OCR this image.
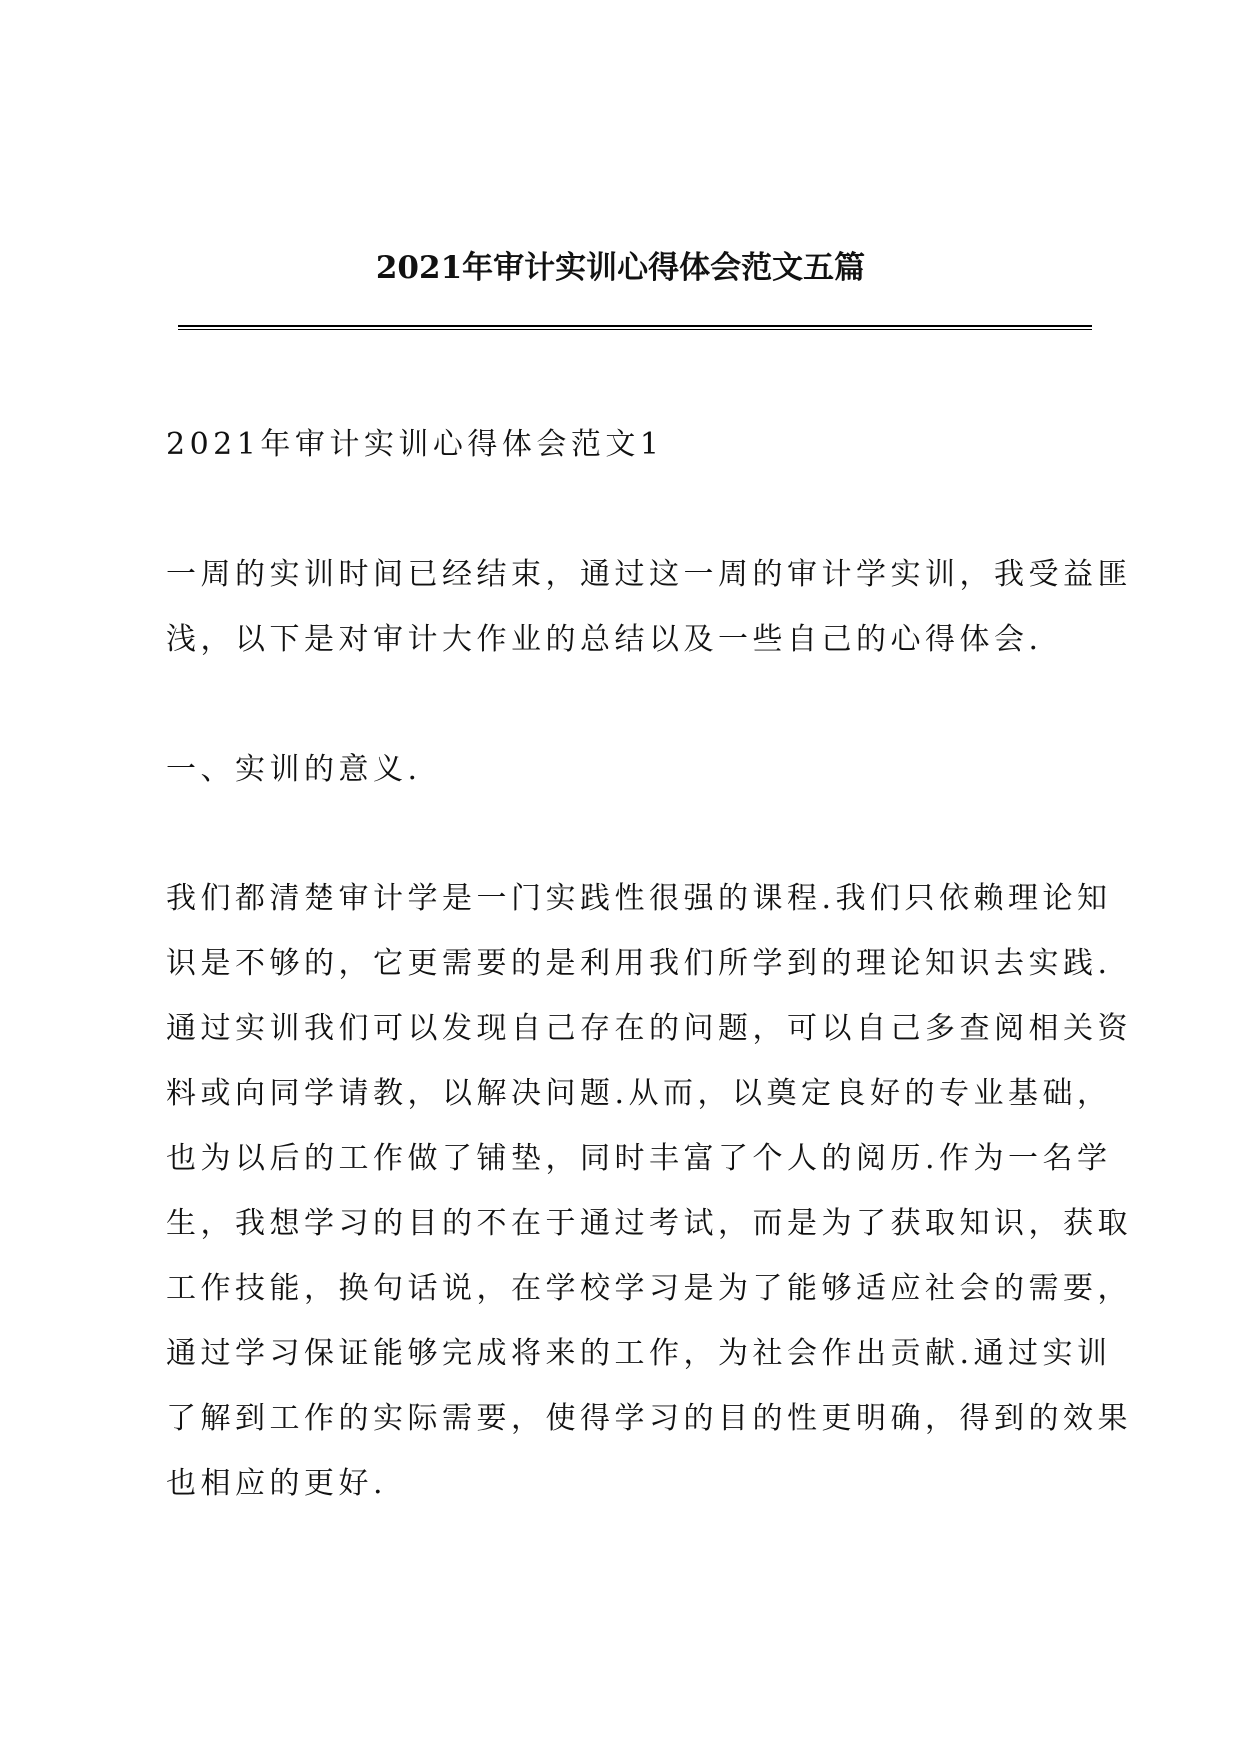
2021年审计实训心得体会范文五篇

2021年审计实训心得体会范文1

一周的实训时间已经结束，通过这一周的审计学实训，我受益匪

浅，以下是对审计大作业的总结以及一些自己的心得体会.

一、实训的意义.

我们都清楚审计学是一门实践性很强的课程.我们只依赖理论知

识是不够的，它更需要的是利用我们所学到的理论知识去实践.

通过实训我们可以发现自己存在的问题，可以自己多查阅相关资

料或向同学请教，以解决问题.从而，以奠定良好的专业基础，

也为以后的工作做了铺垫，同时丰富了个人的阅历.作为一名学

生，我想学习的目的不在于通过考试，而是为了获取知识，获取

工作技能，换句话说，在学校学习是为了能够适应社会的需要，

通过学习保证能够完成将来的工作，为社会作出贡献.通过实训

了解到工作的实际需要，使得学习的目的性更明确，得到的效果

也相应的更好.
